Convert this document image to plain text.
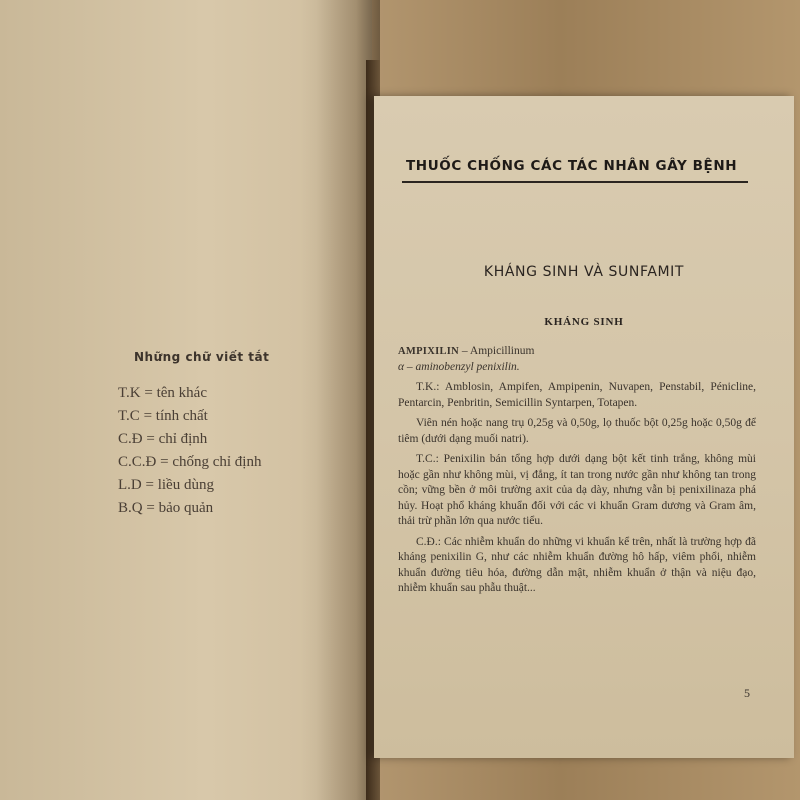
Những chữ viết tắt
T.K = tên khác
T.C = tính chất
C.Đ = chỉ định
C.C.Đ = chống chỉ định
L.D = liều dùng
B.Q = bảo quản
THUỐC CHỐNG CÁC TÁC NHÂN GÂY BỆNH
KHÁNG SINH VÀ SUNFAMIT
KHÁNG SINH

AMPIXILIN – Ampicillinum
α – aminobenzyl penixilin.

T.K.: Amblosin, Ampifen, Ampipenin, Nuvapen, Penstabil, Pénicline, Pentarcin, Penbritin, Semicillin Syntarpen, Totapen.

Viên nén hoặc nang trụ 0,25g và 0,50g, lọ thuốc bột 0,25g hoặc 0,50g để tiêm (dưới dạng muối natri).

T.C.: Penixilin bán tổng hợp dưới dạng bột kết tinh trắng, không mùi hoặc gần như không mùi, vị đắng, ít tan trong nước gần như không tan trong cồn; vững bền ở môi trường axit của dạ dày, nhưng vẫn bị penixilinaza phá hủy. Hoạt phổ kháng khuẩn đối với các vi khuẩn Gram dương và Gram âm, thải trừ phần lớn qua nước tiểu.

C.Đ.: Các nhiễm khuẩn do những vi khuẩn kể trên, nhất là trường hợp đã kháng penixilin G, như các nhiễm khuẩn đường hô hấp, viêm phổi, nhiễm khuẩn đường tiêu hóa, đường dẫn mật, nhiễm khuẩn ở thận và niệu đạo, nhiễm khuẩn sau phẫu thuật...

5
